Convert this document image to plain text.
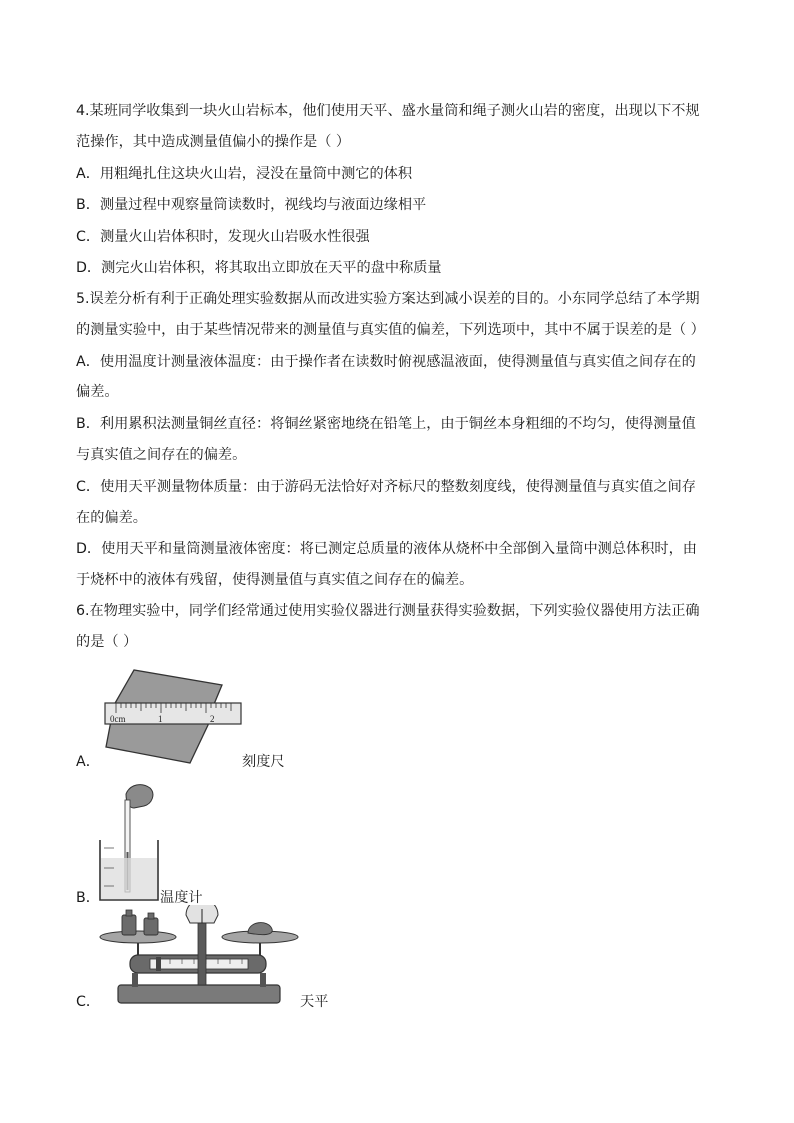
4.某班同学收集到一块火山岩标本，他们使用天平、盛水量筒和绳子测火山岩的密度，出现以下不规
范操作，其中造成测量值偏小的操作是（ ）
A．用粗绳扎住这块火山岩，浸没在量筒中测它的体积
B．测量过程中观察量筒读数时，视线均与液面边缘相平
C．测量火山岩体积时，发现火山岩吸水性很强
D．测完火山岩体积，将其取出立即放在天平的盘中称质量
5.误差分析有利于正确处理实验数据从而改进实验方案达到减小误差的目的。小东同学总结了本学期
的测量实验中，由于某些情况带来的测量值与真实值的偏差，下列选项中，其中不属于误差的是（ ）
A．使用温度计测量液体温度：由于操作者在读数时俯视感温液面，使得测量值与真实值之间存在的
偏差。
B．利用累积法测量铜丝直径：将铜丝紧密地绕在铅笔上，由于铜丝本身粗细的不均匀，使得测量值
与真实值之间存在的偏差。
C．使用天平测量物体质量：由于游码无法恰好对齐标尺的整数刻度线，使得测量值与真实值之间存
在的偏差。
D．使用天平和量筒测量液体密度：将已测定总质量的液体从烧杯中全部倒入量筒中测总体积时，由
于烧杯中的液体有残留，使得测量值与真实值之间存在的偏差。
6.在物理实验中，同学们经常通过使用实验仪器进行测量获得实验数据，下列实验仪器使用方法正确
的是（ ）
0cm	1	2
A．	刻度尺
B．	温度计
C．	天平
